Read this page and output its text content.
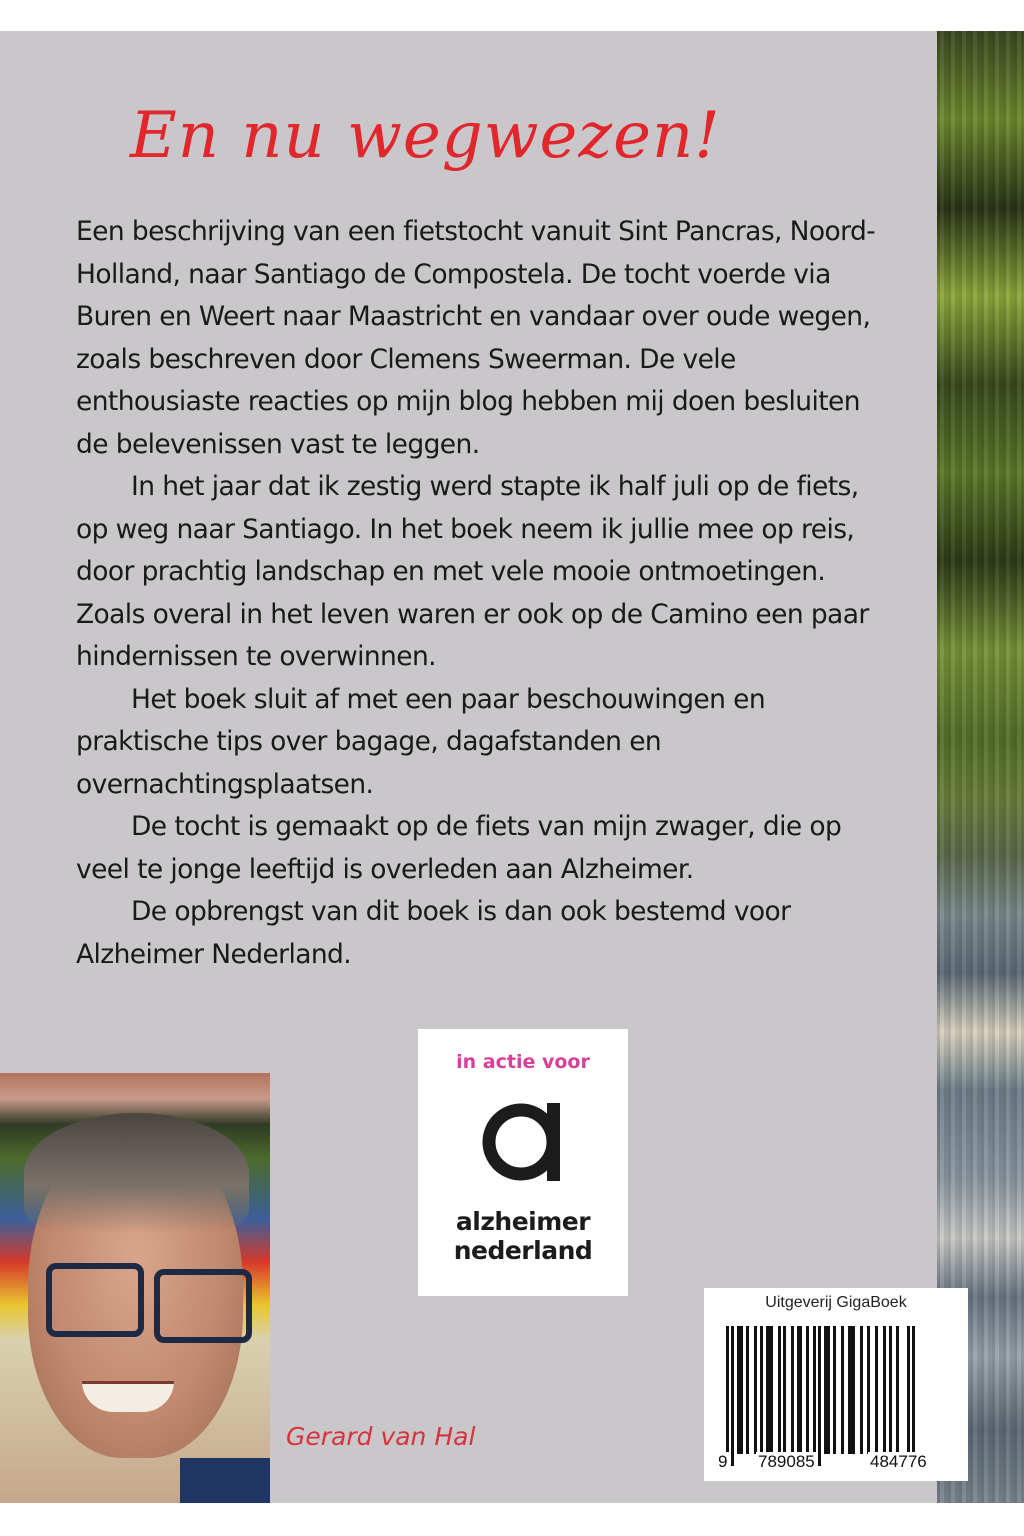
En nu wegwezen!

Een beschrijving van een fietstocht vanuit Sint Pancras, Noord-Holland, naar Santiago de Compostela. De tocht voerde via Buren en Weert naar Maastricht en vandaar over oude wegen, zoals beschreven door Clemens Sweerman. De vele enthousiaste reacties op mijn blog hebben mij doen besluiten de belevenissen vast te leggen.

In het jaar dat ik zestig werd stapte ik half juli op de fiets, op weg naar Santiago. In het boek neem ik jullie mee op reis, door prachtig landschap en met vele mooie ontmoetingen. Zoals overal in het leven waren er ook op de Camino een paar hindernissen te overwinnen.

Het boek sluit af met een paar beschouwingen en praktische tips over bagage, dagafstanden en overnachtingsplaatsen.

De tocht is gemaakt op de fiets van mijn zwager, die op veel te jonge leeftijd is overleden aan Alzheimer.

De opbrengst van dit boek is dan ook bestemd voor Alzheimer Nederland.

in actie voor
alzheimer
nederland
Gerard van Hal
Uitgeverij GigaBoek
9 789085	484776
